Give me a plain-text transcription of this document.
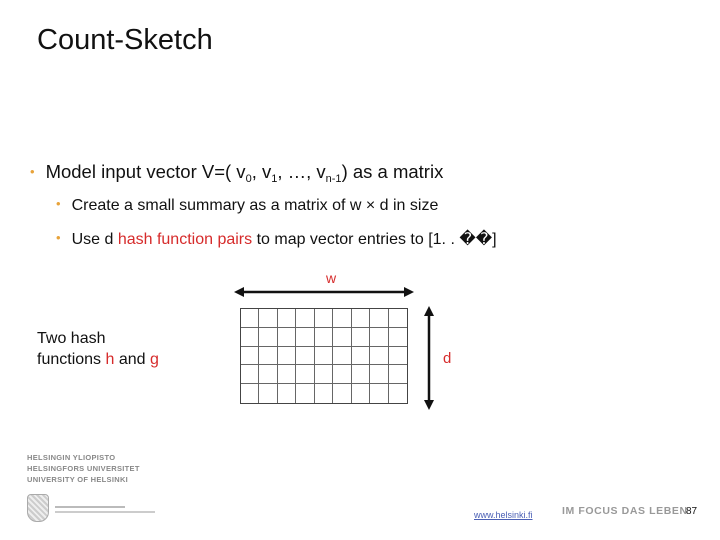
Count-Sketch
• Model input vector V=( $v_0$, $v_1$, …, $v_{n-1}$) as a matrix
• Create a small summary as a matrix of w × d in size
• Use d hash function pairs to map vector entries to [1. . ��]
w
d
Two hash
functions h and g
HELSINGIN YLIOPISTO
HELSINGFORS UNIVERSITET
UNIVERSITY OF HELSINKI
www.helsinki.fi	IM FOCUS DAS LEBEN
87
